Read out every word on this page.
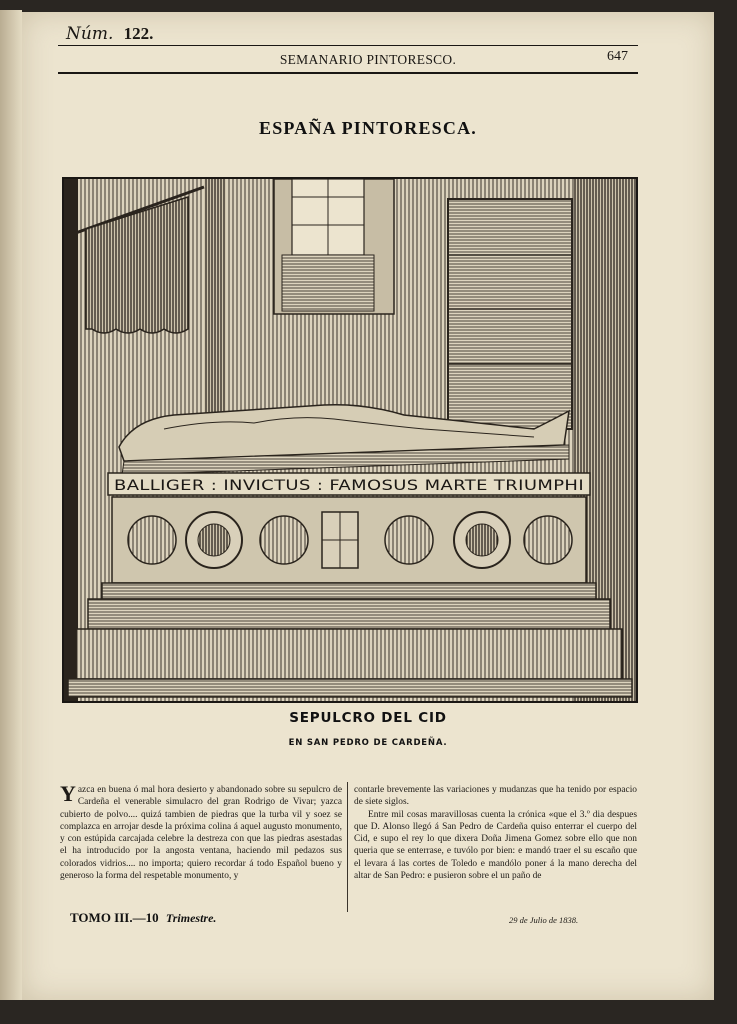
Núm. 122.
SEMANARIO PINTORESCO.	647
ESPAÑA PINTORESCA.
BALLIGER : INVICTUS : FAMOSUS MARTE TRIUMPHI
SEPULCRO DEL CID
EN SAN PEDRO DE CARDEÑA.

Yazca en buena ó mal hora desierto y abandonado sobre su sepulcro de Cardeña el venerable simulacro del gran Rodrigo de Vivar; yazca cubierto de polvo.... quizá tambien de piedras que la turba vil y soez se complazca en arrojar desde la próxima colina á aquel augusto monumento, y con estúpida carcajada celebre la destreza con que las piedras asestadas el ha introducido por la angosta ventana, haciendo mil pedazos sus colorados vidrios.... no importa; quiero recordar á todo Español bueno y generoso la forma del respetable monumento, y

contarle brevemente las variaciones y mudanzas que ha tenido por espacio de siete siglos.

Entre mil cosas maravillosas cuenta la crónica «que el 3.º dia despues que D. Alonso llegó á San Pedro de Cardeña quiso enterrar el cuerpo del Cid, e supo el rey lo que dixera Doña Jimena Gomez sobre ello que non queria que se enterrase, e tuvólo por bien: e mandó traer el su escaño que el levara á las cortes de Toledo e mandólo poner á la mano derecha del altar de San Pedro: e pusieron sobre el un paño de

TOMO III.—10 Trimestre.	29 de Julio de 1838.
